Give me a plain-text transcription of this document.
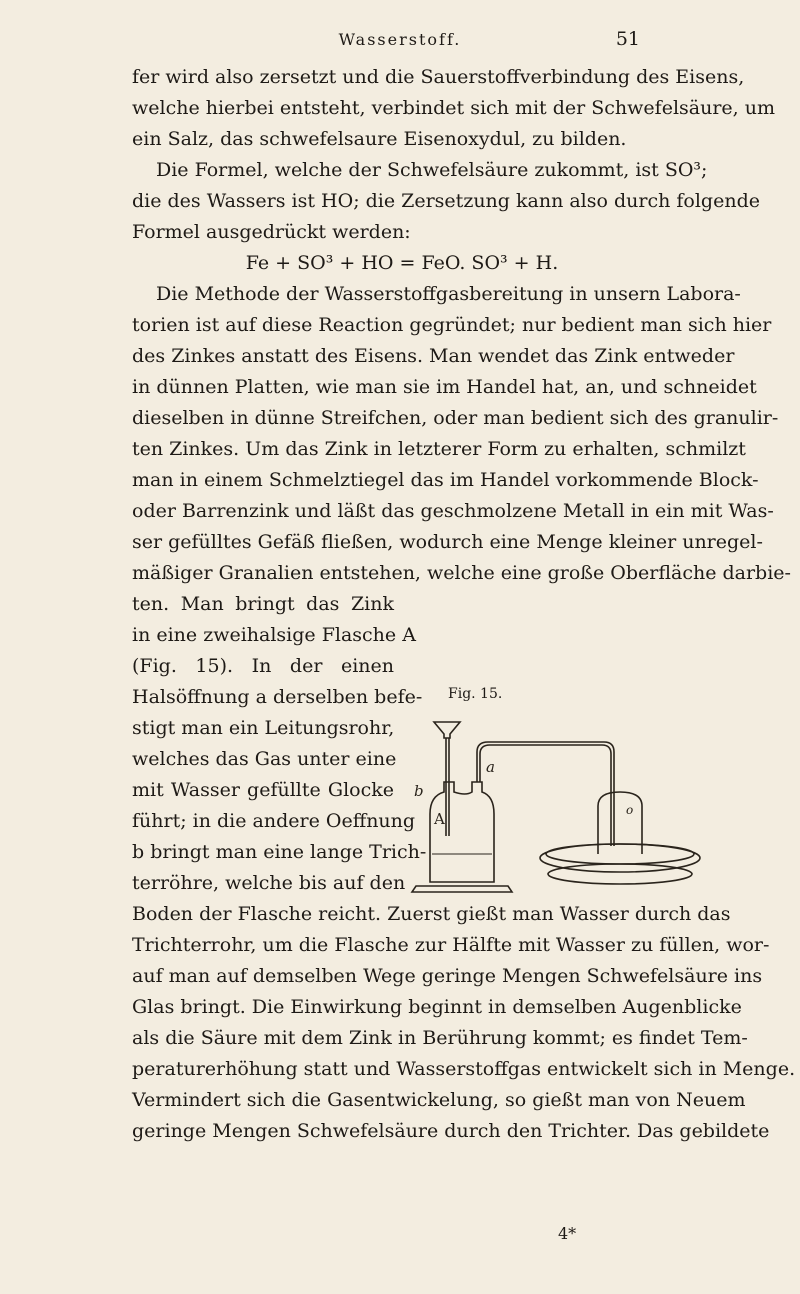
Wasserstoff.	51
fer wird also zersetzt und die Sauerstoffverbindung des Eisens,
welche hierbei entsteht, verbindet sich mit der Schwefelsäure, um
ein Salz, das schwefelsaure Eisenoxydul, zu bilden.
Die Formel, welche der Schwefelsäure zukommt, ist SO³;
die des Wassers ist HO; die Zersetzung kann also durch folgende
Formel ausgedrückt werden:
Fe + SO³ + HO = FeO. SO³ + H.
Die Methode der Wasserstoffgasbereitung in unsern Labora-
torien ist auf diese Reaction gegründet; nur bedient man sich hier
des Zinkes anstatt des Eisens. Man wendet das Zink entweder
in dünnen Platten, wie man sie im Handel hat, an, und schneidet
dieselben in dünne Streifchen, oder man bedient sich des granulir-
ten Zinkes. Um das Zink in letzterer Form zu erhalten, schmilzt
man in einem Schmelztiegel das im Handel vorkommende Block-
oder Barrenzink und läßt das geschmolzene Metall in ein mit Was-
ser gefülltes Gefäß fließen, wodurch eine Menge kleiner unregel-
mäßiger Granalien entstehen, welche eine große Oberfläche darbie-
ten. Man bringt das Zink
in eine zweihalsige Flasche A
(Fig. 15). In der einen
Halsöffnung a derselben befe-
stigt man ein Leitungsrohr,
welches das Gas unter eine
mit Wasser gefüllte Glocke
führt; in die andere Oeffnung
b bringt man eine lange Trich-
terröhre, welche bis auf den
Boden der Flasche reicht. Zuerst gießt man Wasser durch das
Trichterrohr, um die Flasche zur Hälfte mit Wasser zu füllen, wor-
auf man auf demselben Wege geringe Mengen Schwefelsäure ins
Glas bringt. Die Einwirkung beginnt in demselben Augenblicke
als die Säure mit dem Zink in Berührung kommt; es findet Tem-
peraturerhöhung statt und Wasserstoffgas entwickelt sich in Menge.
Vermindert sich die Gasentwickelung, so gießt man von Neuem
geringe Mengen Schwefelsäure durch den Trichter. Das gebildete
Fig. 15.
b
a
A	o
4*
